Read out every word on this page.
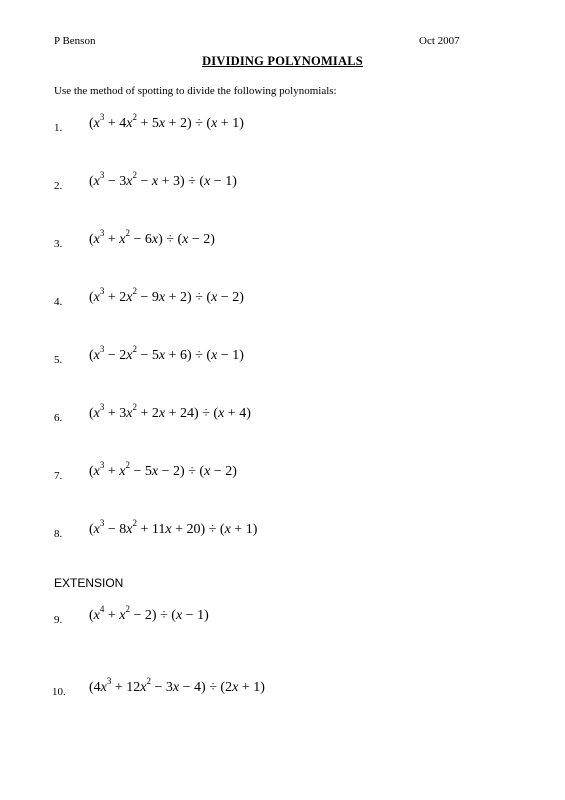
P Benson	Oct 2007
DIVIDING POLYNOMIALS
Use the method of spotting to divide the following polynomials:
1. $(x^3 + 4x^2 + 5x + 2) \div (x + 1)$
2. $(x^3 - 3x^2 - x + 3) \div (x - 1)$
3. $(x^3 + x^2 - 6x) \div (x - 2)$
4. $(x^3 + 2x^2 - 9x + 2) \div (x - 2)$
5. $(x^3 - 2x^2 - 5x + 6) \div (x - 1)$
6. $(x^3 + 3x^2 + 2x + 24) \div (x + 4)$
7. $(x^3 + x^2 - 5x - 2) \div (x - 2)$
8. $(x^3 - 8x^2 + 11x + 20) \div (x + 1)$
9. $(x^4 + x^2 - 2) \div (x - 1)$
10. $(4x^3 + 12x^2 - 3x - 4) \div (2x + 1)$
EXTENSION
